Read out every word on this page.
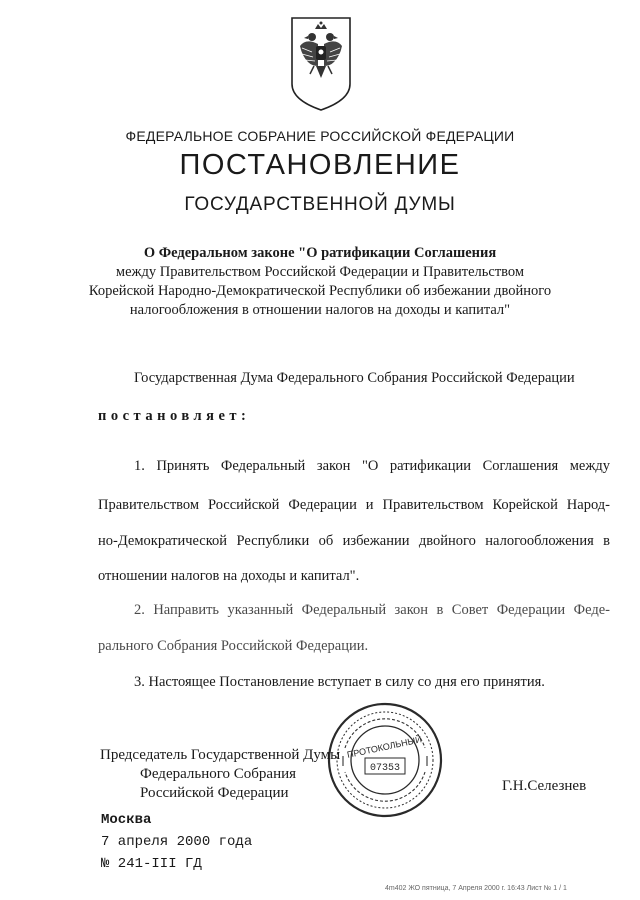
ФЕДЕРАЛЬНОЕ СОБРАНИЕ РОССИЙСКОЙ ФЕДЕРАЦИИ
ПОСТАНОВЛЕНИЕ
ГОСУДАРСТВЕННОЙ ДУМЫ
О Федеральном законе "О ратификации Соглашения
между Правительством Российской Федерации и Правительством
Корейской Народно-Демократической Республики об избежании двойного
налогообложения в отношении налогов на доходы и капитал"
Государственная Дума Федерального Собрания Российской Федерации
постановляет:
1. Принять Федеральный закон "О ратификации Соглашения между
Правительством Российской Федерации и Правительством Корейской Народ-
но-Демократической Республики об избежании двойного налогообложения в
отношении налогов на доходы и капитал".
2. Направить указанный Федеральный закон в Совет Федерации Феде-
рального Собрания Российской Федерации.
3. Настоящее Постановление вступает в силу со дня его принятия.
ПРОТОКОЛЬНЫЙ
07353
Председатель Государственной Думы
Федерального Собрания
Российской Федерации	Г.Н.Селезнев
Москва
7 апреля 2000 года
№ 241-III ГД
4m402 ЖО пятница, 7 Апреля 2000 г. 16:43 Лист № 1 / 1
